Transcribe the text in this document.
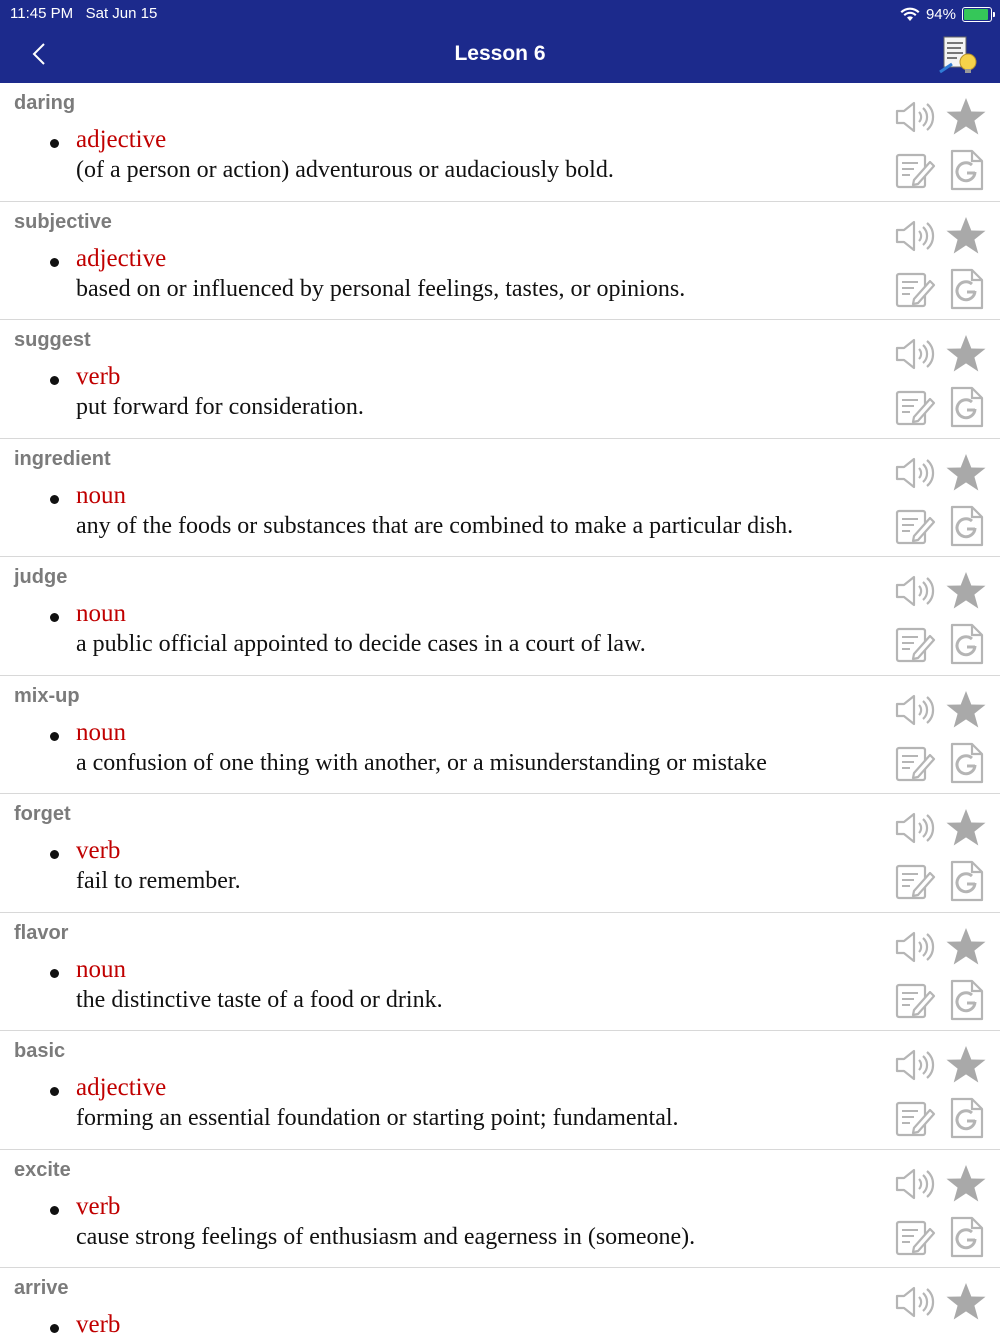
11:45 PM Sat Jun 15	94%
Lesson 6
daring
adjective
(of a person or action) adventurous or audaciously bold.
subjective
adjective
based on or influenced by personal feelings, tastes, or opinions.
suggest
verb
put forward for consideration.
ingredient
noun
any of the foods or substances that are combined to make a particular dish.
judge
noun
a public official appointed to decide cases in a court of law.
mix-up
noun
a confusion of one thing with another, or a misunderstanding or mistake
forget
verb
fail to remember.
flavor
noun
the distinctive taste of a food or drink.
basic
adjective
forming an essential foundation or starting point; fundamental.
excite
verb
cause strong feelings of enthusiasm and eagerness in (someone).
arrive
verb
